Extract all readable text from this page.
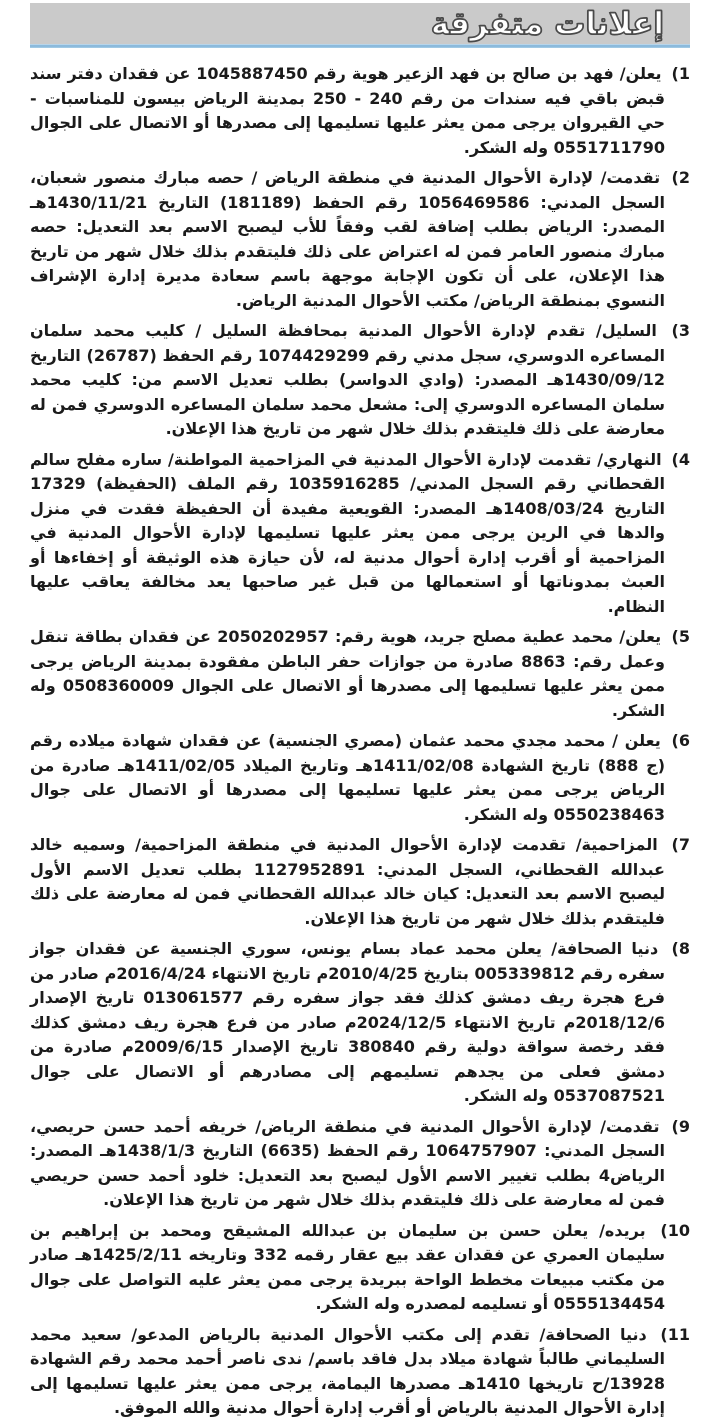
إعلانات متفرقة

1) يعلن/ فهد بن صالح بن فهد الزعير هوية رقم 1045887450 عن فقدان دفتر سند قبض باقي فيه سندات من رقم 240 - 250 بمدينة الرياض بيسون للمناسبات - حي القيروان يرجى ممن يعثر عليها تسليمها إلى مصدرها أو الاتصال على الجوال 0551711790 وله الشكر.

2) تقدمت/ لإدارة الأحوال المدنية في منطقة الرياض / حصه مبارك منصور شعبان، السجل المدني: 1056469586 رقم الحفظ (181189) التاريخ 1430/11/21هـ المصدر: الرياض بطلب إضافة لقب وفقاً للأب ليصبح الاسم بعد التعديل: حصه مبارك منصور العامر فمن له اعتراض على ذلك فليتقدم بذلك خلال شهر من تاريخ هذا الإعلان، على أن تكون الإجابة موجهة باسم سعادة مديرة إدارة الإشراف النسوي بمنطقة الرياض/ مكتب الأحوال المدنية الرياض.

3) السليل/ تقدم لإدارة الأحوال المدنية بمحافظة السليل / كليب محمد سلمان المساعره الدوسري، سجل مدني رقم 1074429299 رقم الحفظ (26787) التاريخ 1430/09/12هـ المصدر: (وادي الدواسر) بطلب تعديل الاسم من: كليب محمد سلمان المساعره الدوسري إلى: مشعل محمد سلمان المساعره الدوسري فمن له معارضة على ذلك فليتقدم بذلك خلال شهر من تاريخ هذا الإعلان.

4) النهاري/ تقدمت لإدارة الأحوال المدنية في المزاحمية المواطنة/ ساره مفلح سالم القحطاني رقم السجل المدني/ 1035916285 رقم الملف (الحفيظة) 17329 التاريخ 1408/03/24هـ المصدر: القويعية مفيدة أن الحفيظة فقدت في منزل والدها في الرين يرجى ممن يعثر عليها تسليمها لإدارة الأحوال المدنية في المزاحمية أو أقرب إدارة أحوال مدنية له، لأن حيازة هذه الوثيقة أو إخفاءها أو العبث بمدوناتها أو استعمالها من قبل غير صاحبها يعد مخالفة يعاقب عليها النظام.

5) يعلن/ محمد عطية مصلح جريد، هوية رقم: 2050202957 عن فقدان بطاقة تنقل وعمل رقم: 8863 صادرة من جوازات حفر الباطن مفقودة بمدينة الرياض يرجى ممن يعثر عليها تسليمها إلى مصدرها أو الاتصال على الجوال 0508360009 وله الشكر.

6) يعلن / محمد مجدي محمد عثمان (مصري الجنسية) عن فقدان شهادة ميلاده رقم (ج 888) تاريخ الشهادة 1411/02/08هـ وتاريخ الميلاد 1411/02/05هـ صادرة من الرياض يرجى ممن يعثر عليها تسليمها إلى مصدرها أو الاتصال على جوال 0550238463 وله الشكر.

7) المزاحمية/ تقدمت لإدارة الأحوال المدنية في منطقة المزاحمية/ وسميه خالد عبدالله القحطاني، السجل المدني: 1127952891 بطلب تعديل الاسم الأول ليصبح الاسم بعد التعديل: كيان خالد عبدالله القحطاني فمن له معارضة على ذلك فليتقدم بذلك خلال شهر من تاريخ هذا الإعلان.

8) دنيا الصحافة/ يعلن محمد عماد بسام يونس، سوري الجنسية عن فقدان جواز سفره رقم 005339812 بتاريخ 2010/4/25م تاريخ الانتهاء 2016/4/24م صادر من فرع هجرة ريف دمشق كذلك فقد جواز سفره رقم 013061577 تاريخ الإصدار 2018/12/6م تاريخ الانتهاء 2024/12/5م صادر من فرع هجرة ريف دمشق كذلك فقد رخصة سواقة دولية رقم 380840 تاريخ الإصدار 2009/6/15م صادرة من دمشق فعلى من يجدهم تسليمهم إلى مصادرهم أو الاتصال على جوال 0537087521 وله الشكر.

9) تقدمت/ لإدارة الأحوال المدنية في منطقة الرياض/ خريفه أحمد حسن حريصي، السجل المدني: 1064757907 رقم الحفظ (6635) التاريخ 1438/1/3هـ المصدر: الرياض4 بطلب تغيير الاسم الأول ليصبح بعد التعديل: خلود أحمد حسن حريصي فمن له معارضة على ذلك فليتقدم بذلك خلال شهر من تاريخ هذا الإعلان.

10) بريده/ يعلن حسن بن سليمان بن عبدالله المشيقح ومحمد بن إبراهيم بن سليمان العمري عن فقدان عقد بيع عقار رقمه 332 وتاريخه 1425/2/11هـ صادر من مكتب مبيعات مخطط الواحة ببريدة يرجى ممن يعثر عليه التواصل على جوال 0555134454 أو تسليمه لمصدره وله الشكر.

11) دنيا الصحافة/ تقدم إلى مكتب الأحوال المدنية بالرياض المدعو/ سعيد محمد السليماني طالباً شهادة ميلاد بدل فاقد باسم/ ندى ناصر أحمد محمد رقم الشهادة 13928/ح تاريخها 1410هـ مصدرها اليمامة، يرجى ممن يعثر عليها تسليمها إلى إدارة الأحوال المدنية بالرياض أو أقرب إدارة أحوال مدنية والله الموفق.
